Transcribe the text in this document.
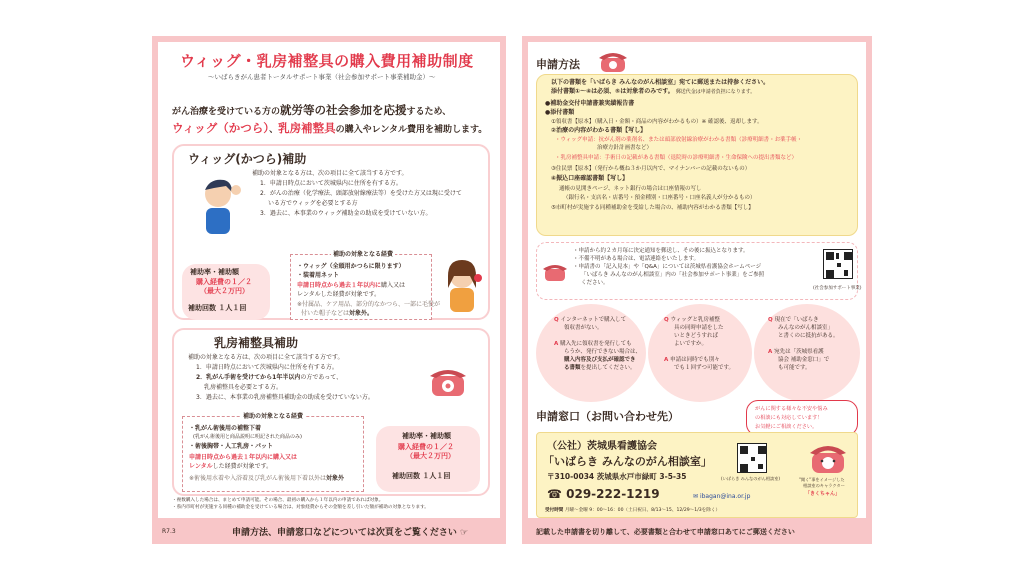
ウィッグ・乳房補整具の購入費用補助制度
～いばらきがん患者トータルサポート事業（社会参加サポート事業補助金）～
がん治療を受けている方の就労等の社会参加を応援するため、
ウィッグ（かつら）、乳房補整具の購入やレンタル費用を補助します。
ウィッグ(かつら)補助
補助の対象となる方は、次の項目に全て該当する方です。
1．申請日時点において茨城県内に住所を有する方。
2．がんの治療（化学療法、頭部放射線療法等）を受けた方又は現に受けて
いる方でウィッグを必要とする方
3．過去に、本事業のウィッグ補助金の助成を受けていない方。
補助率・補助額
購入経費の１／２
（最大２万円）
補助回数 １人１回
補助の対象となる経費
・ウィッグ（全頭用かつらに限ります）
・装着用ネット
申請日時点から過去１年以内に購入又は
レンタルした経費が対象です。
※付属品、ケア用品、部分的なかつら、一部に毛髪が
付いた帽子などは対象外。
乳房補整具補助
補助の対象となる方は、次の項目に全て該当する方です。
1．申請日時点において茨城県内に住所を有する方。
2．乳がん手術を受けてから1年半以内の方であって、
乳房補整具を必要とする方。
3．過去に、本事業の乳房補整具補助金の助成を受けていない方。
補助の対象となる経費
・乳がん術後用の補整下着
(乳がん術後用と商品説明に明記された商品のみ)
・術後胸帯・人工乳房・パット
申請日時点から過去１年以内に購入又は
レンタルした経費が対象です。
※術後用水着や入浴着及び乳がん術後用下着以外は対象外
補助率・補助額
購入経費の１／２
（最大２万円）
補助回数 １人１回
・複数購入した場合は、まとめて申請可能。その場合、最初の購入から１年以内の申請であれば対象。
・県内市町村が実施する同種の補助金を受けている場合は、対象経費からその金額を差し引いた額が補助の対象となります。
R7.3	申請方法、申請窓口などについては次頁をご覧ください ☞
申請方法
以下の書類を「いばらき みんなのがん相談室」宛てに郵送または持参ください。
添付書類①～④は必須、⑤は対象者のみです。 郵送代金は申請者負担になります。
●補助金交付申請書兼実績報告書
●添付書類
①領収書【原本】（購入日・金額・商品の内容がわかるもの）※ 確認後、返却します。
②治療の内容がわかる書類【写し】
・ウィッグ申請：抗がん剤の薬剤名、または頭部放射線治療がわかる書類（診療明細書・お薬手帳・
治療方針計画書など）
・乳房補整具申請：手術日の記載がある書類（退院時の診療明細書・生命保険への提出書類など）
③住民票【原本】（発行から概ね３か月以内で、マイナンバーの記載のないもの）
④振込口座確認書類【写し】
通帳の見開きページ、ネット銀行の場合は口座情報の写し
（銀行名・支店名・店番号・預金種別・口座番号・口座名義人が分かるもの）
⑤市町村が実施する同種補助金を受給した場合の、補助内容がわかる書類【写し】
・申請から約２カ月毎に決定通知を郵送し、その後に振込となります。
・不備不明がある場合は、電話連絡をいたします。
・申請書の「記入見本」や「Q&A」については茨城県看護協会ホームページ
「いばらき みんなのがん相談室」内の「社会参加サポート事業」をご参照
ください。
(社会参加サポート事業)
Q インターネットで購入して
領収書がない。
A 購入先に領収書を発行しても
らうか、発行できない場合は、
購入内容及び支払が確認でき
る書類を提出してください。
Q ウィッグと乳房補整
具の同時申請をした
いときどうすれば
よいですか。
A 申請は同時でも別々
でも１回ずつ可能です。
Q 現在で「いばらき
みんなのがん相談室」
と書くのに抵抗がある。
A 宛先は「茨城県看護
協会 補助金窓口」で
も可能です。
申請窓口（お問い合わせ先）
がんに関する様々な不安や悩み
の相談にも対応しています！
お気軽にご相談ください。
（公社）茨城県看護協会
「いばらき みんなのがん相談室」
〒310-0034 茨城県水戸市緑町 3-5-35
☎ 029-222-1219	✉ ibagan@ina.or.jp
受付時間 月曜～金曜 9：00～16：00（土日祝日、8/13～15、12/29～1/3を除く）
(いばらき みんなのがん相談室)	"聞く"事をイメージした
相談室のキャラクター
「きくちゃん」
記載した申請書を切り離して、必要書類と合わせて申請窓口あてにご郵送ください
